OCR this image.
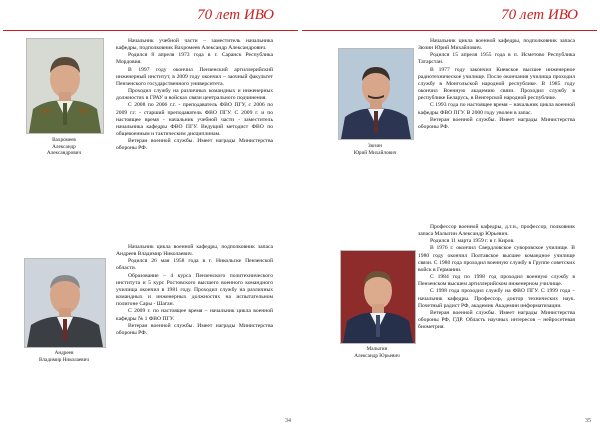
70 лет ИВО
Вахромеев
Александр
Александрович

Начальник учебной части – заместитель начальника кафедры, подполковник Вахромеев Александр Александрович.

Родился 8 апреля 1973 года в г. Саранск Республика Мордовия.

В 1997 году окончил Пензенский артиллерийский инженерный институт, в 2009 году окончил – заочный факультет Пензенского государственного университета.

Проходил службу на различных командных и инженерных должностях в ГРАУ и войсках связи центрального подчинения.

С 2008 по 2006 г.г. - преподаватель ФВО ПГУ, с 2006 по 2009 г.г. - старший преподаватель ФВО ПГУ. С 2009 г. и по настоящее время - начальник учебной части - заместитель начальника кафедры ФВО ПГУ. Ведущий методист ФВО по общевоенным и тактическим дисциплинам.

Ветеран военной службы. Имеет награды Министерства обороны РФ.

Андреев
Владимир Николаевич

Начальник цикла военной кафедры, подполковник запаса Андреев Владимир Николаевич.

Родился 26 мая 1958 года в г. Никольске Пензенской области.

Образование – 4 курса Пензенского политехнического института и 5 курс Ростовского высшего военного командного училища окончил в 1981 году. Проходил службу на различных командных и инженерных должностях на испытательном полигоне Сары - Шаган.

С 2009 г. по настоящее время – начальник цикла военной кафедры № 1 ФВО ПГУ.

Ветеран военной службы. Имеет награды Министерства обороны РФ.

34
70 лет ИВО
Зюзин
Юрий Михайлович

Начальник цикла военной кафедры, подполковник запаса Зюзин Юрий Михайлович.

Родился 15 апреля 1955 года в п. Исметово Республика Татарстан.

В 1977 году закончил Киевское высшее инженерное радиотехническое училище. После окончания училища проходил службу в Монгольской народной республике. В 1985 году окончил Военную академию связи. Проходил службу в республике Беларусь, в Венгерской народной республике.

С 1993 года по настоящее время – начальник цикла военной кафедры ФВО ПГУ. В 2000 году уволен в запас.

Ветеран военной службы. Имеет награды Министерства обороны РФ.

Малыгин
Александр Юрьевич

Профессор военной кафедры, д.т.н., профессор, полковник запаса Малыгин Александр Юрьевич.

Родился 11 марта 1959 г. в г. Киров.

В 1976 г. окончил Свердловское суворовское училище. В 1980 году окончил Полтавское высшее командное училище связи. С 1980 года проходил военную службу в Группе советских войск в Германии.

С 1984 год по 1998 год проходил военную службу в Пензенском высшем артиллерийском инженерном училище.

С 1998 года проходил службу на ФВО ПГУ. С 1999 года – начальник кафедры. Профессор, доктор технических наук. Почетный радист РФ, академик Академии информатизации.

Ветеран военной службы. Имеет награды Министерства обороны РФ, ГДР. Область научных интересов – нейросетевая биометрия.

35
